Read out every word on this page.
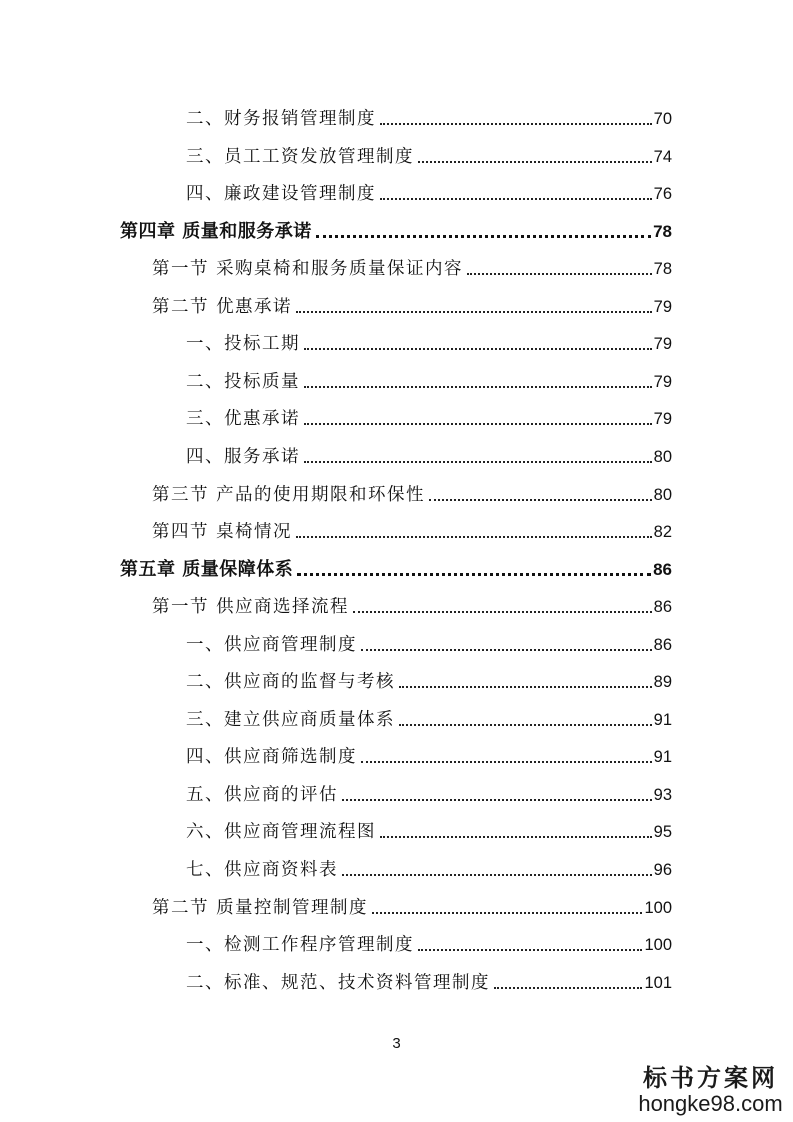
二、财务报销管理制度	70
三、员工工资发放管理制度	74
四、廉政建设管理制度	76
第四章 质量和服务承诺	78
第一节 采购桌椅和服务质量保证内容	78
第二节 优惠承诺	79
一、投标工期	79
二、投标质量	79
三、优惠承诺	79
四、服务承诺	80
第三节 产品的使用期限和环保性	80
第四节 桌椅情况	82
第五章 质量保障体系	86
第一节 供应商选择流程	86
一、供应商管理制度	86
二、供应商的监督与考核	89
三、建立供应商质量体系	91
四、供应商筛选制度	91
五、供应商的评估	93
六、供应商管理流程图	95
七、供应商资料表	96
第二节 质量控制管理制度	100
一、检测工作程序管理制度	100
二、标准、规范、技术资料管理制度	101
3
标书方案网
hongke98.com
